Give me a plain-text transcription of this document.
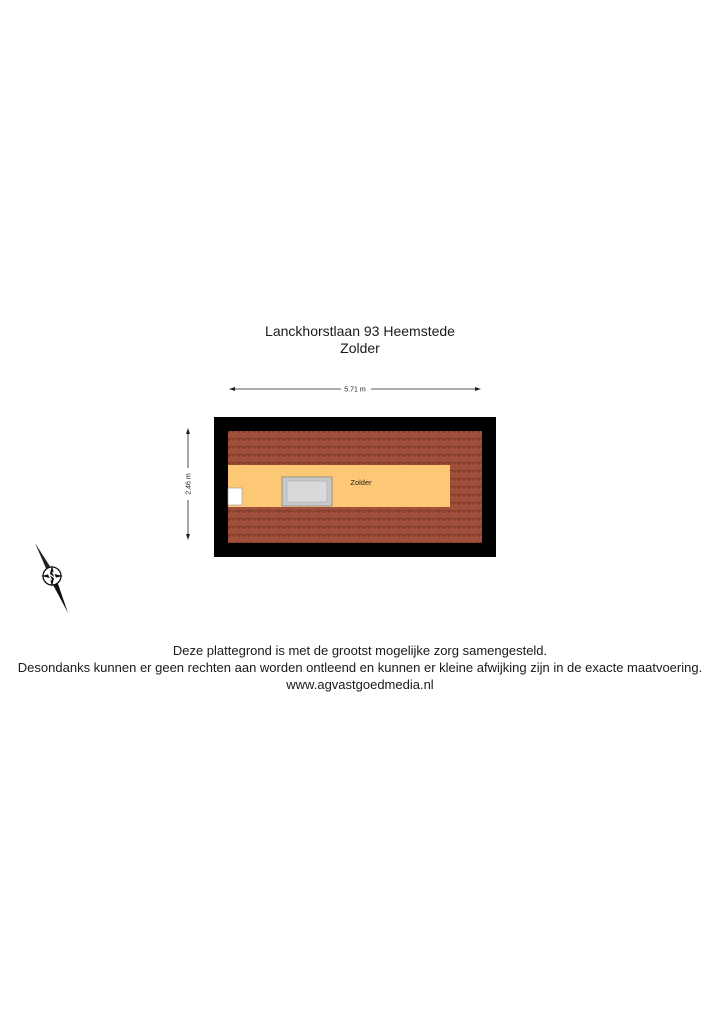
Lanckhorstlaan 93 Heemstede
Zolder
5.71 m
2.46 m	Zolder
N
Deze plattegrond is met de grootst mogelijke zorg samengesteld.
Desondanks kunnen er geen rechten aan worden ontleend en kunnen er kleine afwijking zijn in de exacte maatvoering.
www.agvastgoedmedia.nl
